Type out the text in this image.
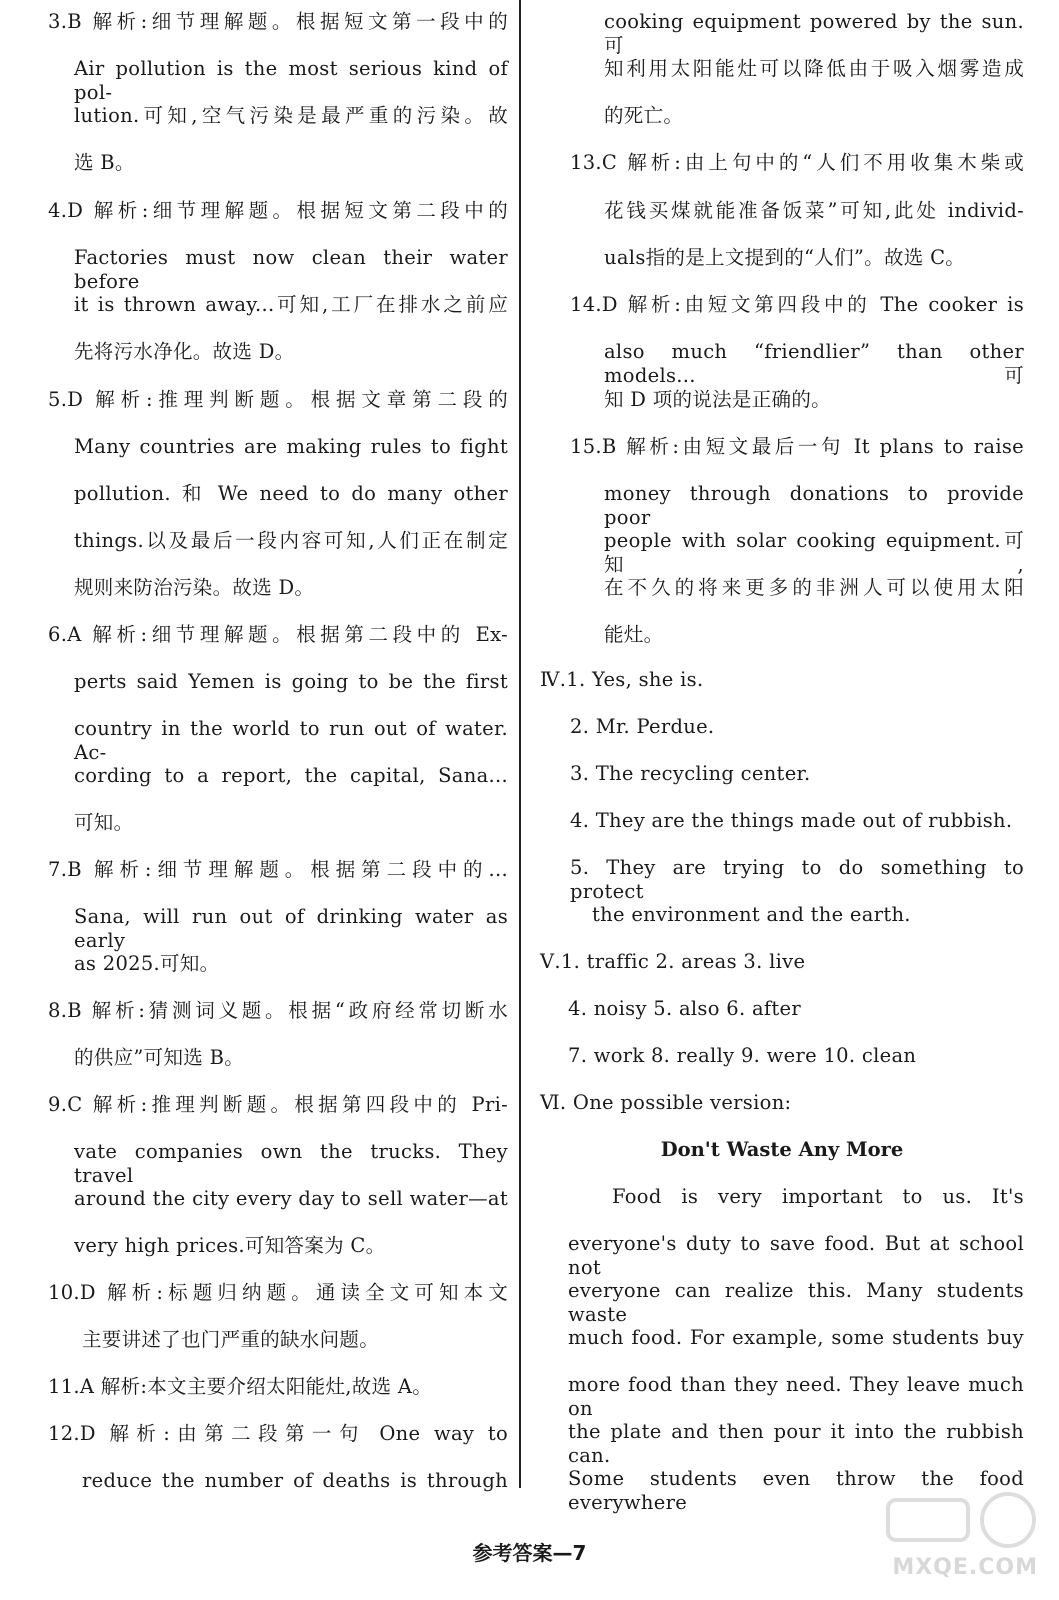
3.B 解析:细节理解题。根据短文第一段中的
Air pollution is the most serious kind of pol-
lution.可知,空气污染是最严重的污染。故
选 B。
4.D 解析:细节理解题。根据短文第二段中的
Factories must now clean their water before
it is thrown away...可知,工厂在排水之前应
先将污水净化。故选 D。
5.D 解析:推理判断题。根据文章第二段的
Many countries are making rules to fight
pollution. 和 We need to do many other
things.以及最后一段内容可知,人们正在制定
规则来防治污染。故选 D。
6.A 解析:细节理解题。根据第二段中的 Ex-
perts said Yemen is going to be the first
country in the world to run out of water. Ac-
cording to a report, the capital, Sana...
可知。
7.B 解析:细节理解题。根据第二段中的...
Sana, will run out of drinking water as early
as 2025.可知。
8.B 解析:猜测词义题。根据“政府经常切断水
的供应”可知选 B。
9.C 解析:推理判断题。根据第四段中的 Pri-
vate companies own the trucks. They travel
around the city every day to sell water—at
very high prices.可知答案为 C。
10.D 解析:标题归纳题。通读全文可知本文
主要讲述了也门严重的缺水问题。
11.A 解析:本文主要介绍太阳能灶,故选 A。
12.D 解析:由第二段第一句 One way to
reduce the number of deaths is through
cooking equipment powered by the sun.可
知利用太阳能灶可以降低由于吸入烟雾造成
的死亡。
13.C 解析:由上句中的“人们不用收集木柴或
花钱买煤就能准备饭菜”可知,此处 individ-
uals指的是上文提到的“人们”。故选 C。
14.D 解析:由短文第四段中的 The cooker is
also much “friendlier” than other models...可
知 D 项的说法是正确的。
15.B 解析:由短文最后一句 It plans to raise
money through donations to provide poor
people with solar cooking equipment.可知,
在不久的将来更多的非洲人可以使用太阳
能灶。
Ⅳ.1. Yes, she is.
2. Mr. Perdue.
3. The recycling center.
4. They are the things made out of rubbish.
5. They are trying to do something to protect
the environment and the earth.
Ⅴ.1. traffic 2. areas 3. live
4. noisy 5. also 6. after
7. work 8. really 9. were 10. clean
Ⅵ. One possible version:
Don't Waste Any More
Food is very important to us. It's
everyone's duty to save food. But at school not
everyone can realize this. Many students waste
much food. For example, some students buy
more food than they need. They leave much on
the plate and then pour it into the rubbish can.
Some students even throw the food everywhere
参考答案—7
MXQE.COM
